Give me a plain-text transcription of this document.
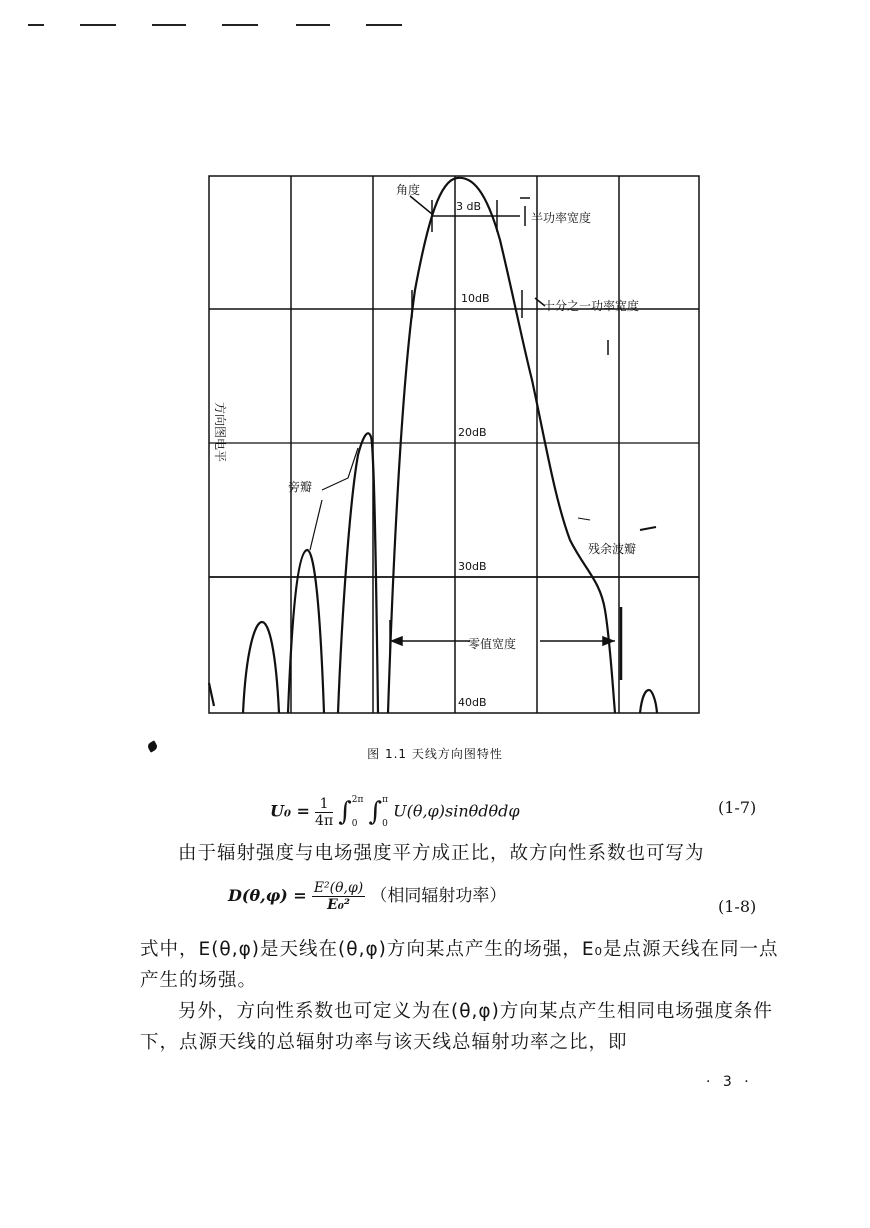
3 dB
10dB
20dB
30dB
40dB
角度
半功率宽度
十分之一功率宽度
旁瓣
残余波瓣
零值宽度
方向图电平
图 1.1 天线方向图特性
$U_0 = \frac{1}{4\pi}$ ∫ 2π
0 ∫ π
0
U(θ,φ)sinθdθdφ	(1-7)
由于辐射强度与电场强度平方成正比，故方向性系数也可写为
$D(\theta,\varphi) = \frac{\text{E²(θ,φ)}}{\text{E₀²}}$ （相同辐射功率）
(1-8)
式中，E(θ,φ)是天线在(θ,φ)方向某点产生的场强，E₀是点源天线在同一点产生的场强。
另外，方向性系数也可定义为在(θ,φ)方向某点产生相同电场强度条件下，点源天线的总辐射功率与该天线总辐射功率之比，即
· 3 ·
